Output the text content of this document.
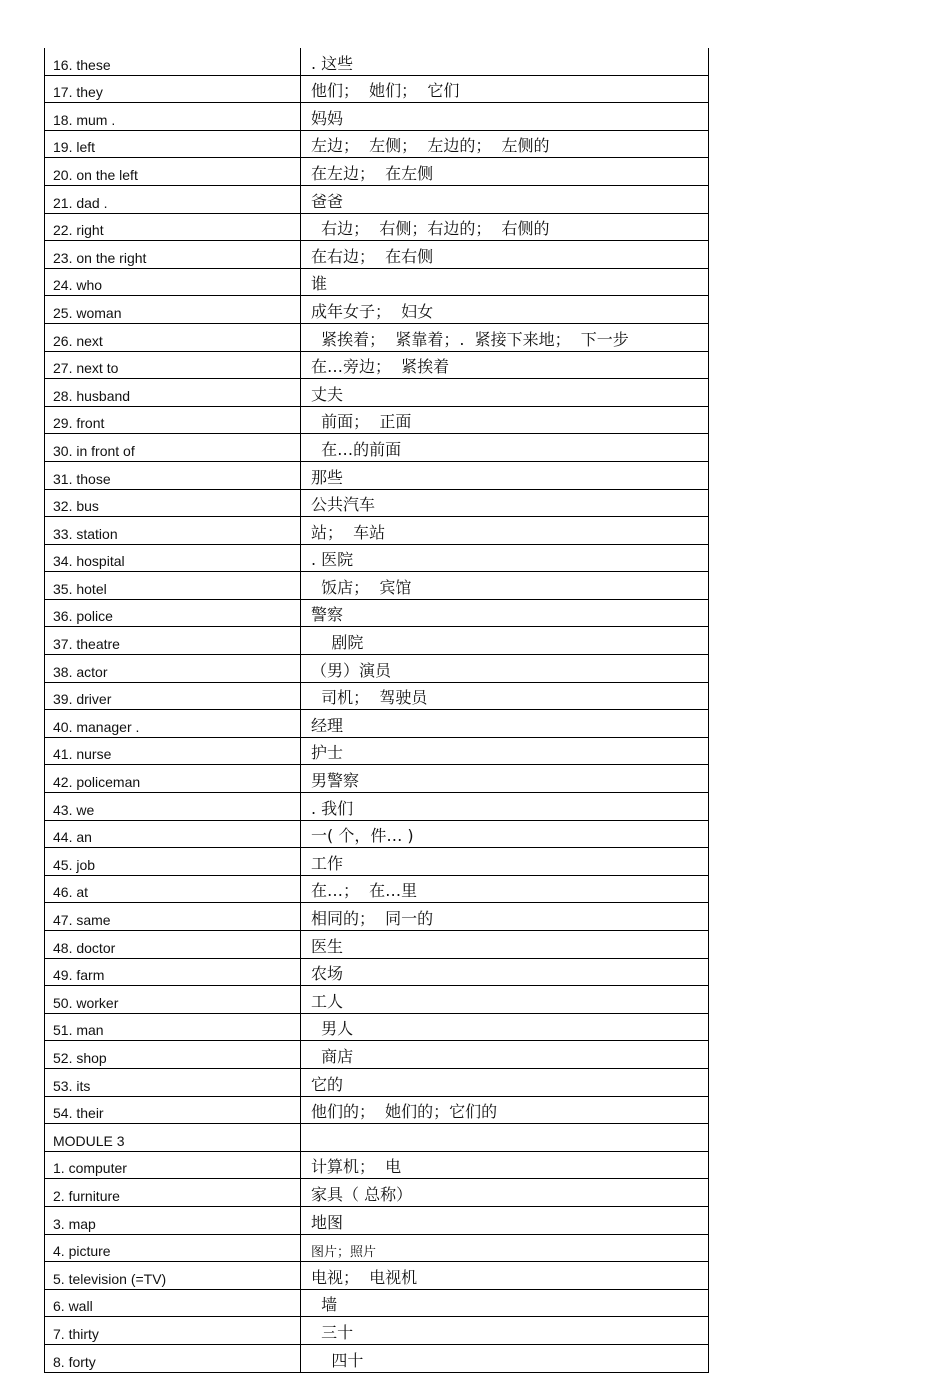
16. these	. 这些
17. they	他们；  她们；  它们
18. mum .	妈妈
19. left	左边；  左侧；  左边的；  左侧的
20. on the left	在左边；  在左侧
21. dad .	爸爸
22. right	右边；  右侧；右边的；  右侧的
23. on the right	在右边；  在右侧
24. who	谁
25. woman	成年女子；  妇女
26. next	紧挨着；  紧靠着；.  紧接下来地；  下一步
27. next to	在…旁边；  紧挨着
28. husband	丈夫
29. front	前面；  正面
30. in front of	在…的前面
31. those	那些
32. bus	公共汽车
33. station	站；  车站
34. hospital	. 医院
35. hotel	饭店；  宾馆
36. police	警察
37. theatre	剧院
38. actor	（男）演员
39. driver	司机；  驾驶员
40. manager .	经理
41. nurse	护士
42. policeman	男警察
43. we	. 我们
44. an	一( 个，件… )
45. job	工作
46. at	在…；  在…里
47. same	相同的；  同一的
48. doctor	医生
49. farm	农场
50. worker	工人
51. man	男人
52. shop	商店
53. its	它的
54. their	他们的；  她们的；它们的
MODULE 3	
1. computer	计算机；  电
2. furniture	家具（ 总称）
3. map	地图
4. picture	图片；照片
5. television (=TV)	电视；  电视机
6. wall	墙
7. thirty	三十
8. forty	四十
